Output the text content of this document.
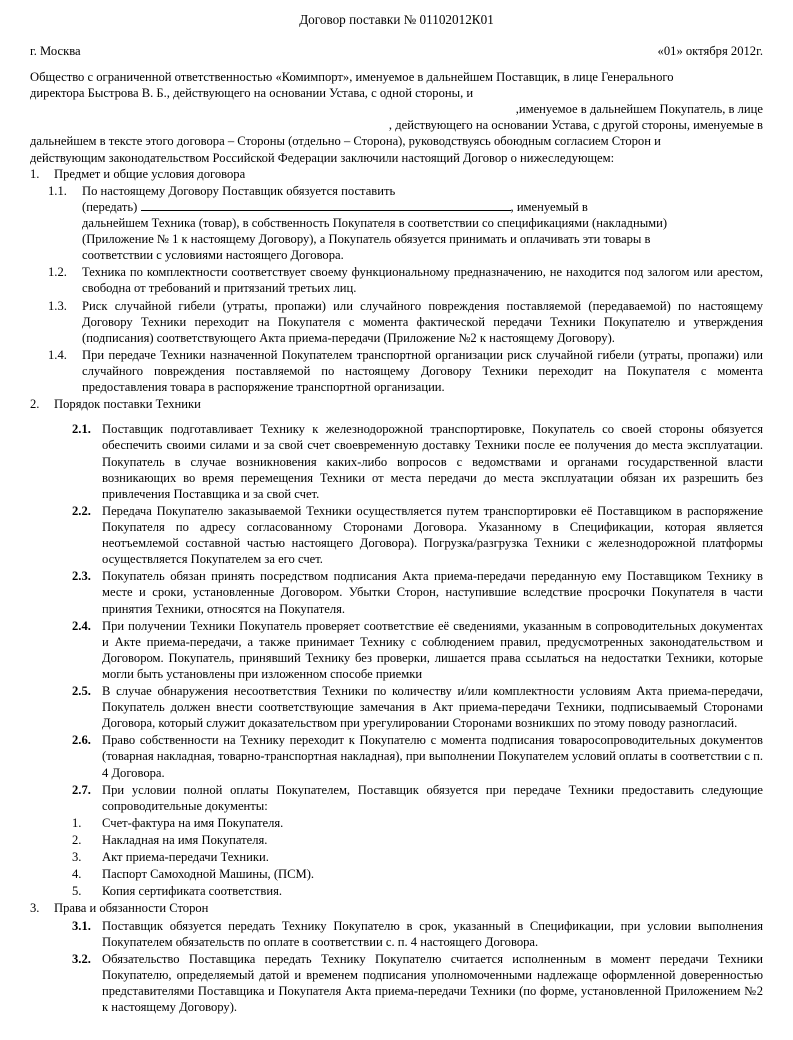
Договор поставки № 01102012К01
г. Москва	«01» октября 2012г.

Общество с ограниченной ответственностью «Комимпорт», именуемое в дальнейшем Поставщик, в лице Генерального

директора Быстрова В. Б., действующего на основании Устава, с одной стороны, и

,именуемое в дальнейшем Покупатель, в лице

, действующего на основании Устава, с другой стороны, именуемые в

дальнейшем в тексте этого договора – Стороны (отдельно – Сторона), руководствуясь обоюдным согласием Сторон и

действующим законодательством Российской Федерации заключили настоящий Договор о нижеследующем:

1.	Предмет и общие условия договора
1.1.	По настоящему Договору Поставщик обязуется поставить
(передать)	, именуемый в
дальнейшем Техника (товар), в собственность Покупателя в соответствии со спецификациями (накладными)
(Приложение № 1 к настоящему Договору), а Покупатель обязуется принимать и оплачивать эти товары в
соответствии с условиями настоящего Договора.
1.2.	Техника по комплектности соответствует своему функциональному предназначению, не находится под залогом или арестом, свободна от требований и притязаний третьих лиц.
1.3.	Риск случайной гибели (утраты, пропажи) или случайного повреждения поставляемой (передаваемой) по настоящему Договору Техники переходит на Покупателя с момента фактической передачи Техники Покупателю и утверждения (подписания) соответствующего Акта приема-передачи (Приложение №2 к настоящему Договору).
1.4.	При передаче Техники назначенной Покупателем транспортной организации риск случайной гибели (утраты, пропажи) или случайного повреждения поставляемой по настоящему Договору Техники переходит на Покупателя с момента предоставления товара в распоряжение транспортной организации.
2.	Порядок поставки Техники
2.1. Поставщик подготавливает Технику к железнодорожной транспортировке, Покупатель со своей стороны обязуется обеспечить своими силами и за свой счет своевременную доставку Техники после ее получения до места эксплуатации. Покупатель в случае возникновения каких-либо вопросов с ведомствами и органами государственной власти возникающих во время перемещения Техники от места передачи до места эксплуатации обязан их разрешить без привлечения Поставщика и за свой счет.
2.2. Передача Покупателю заказываемой Техники осуществляется путем транспортировки её Поставщиком в распоряжение Покупателя по адресу согласованному Сторонами Договора. Указанному в Спецификации, которая является неотъемлемой составной частью настоящего Договора). Погрузка/разгрузка Техники с железнодорожной платформы осуществляется Покупателем за его счет.
2.3. Покупатель обязан принять посредством подписания Акта приема-передачи переданную ему Поставщиком Технику в месте и сроки, установленные Договором. Убытки Сторон, наступившие вследствие просрочки Покупателя в части принятия Техники, относятся на Покупателя.
2.4. При получении Техники Покупатель проверяет соответствие её сведениями, указанным в сопроводительных документах и Акте приема-передачи, а также принимает Технику с соблюдением правил, предусмотренных законодательством и Договором. Покупатель, принявший Технику без проверки, лишается права ссылаться на недостатки Техники, которые могли быть установлены при изложенном способе приемки
2.5. В случае обнаружения несоответствия Техники по количеству и/или комплектности условиям Акта приема-передачи, Покупатель должен внести соответствующие замечания в Акт приема-передачи Техники, подписываемый Сторонами Договора, который служит доказательством при урегулировании Сторонами возникших по этому поводу разногласий.
2.6. Право собственности на Технику переходит к Покупателю с момента подписания товаросопроводительных документов (товарная накладная, товарно-транспортная накладная), при выполнении Покупателем условий оплаты в соответствии с п. 4 Договора.
2.7. При условии полной оплаты Покупателем, Поставщик обязуется при передаче Техники предоставить следующие сопроводительные документы:
1.	Счет-фактура на имя Покупателя.
2.	Накладная на имя Покупателя.
3.	Акт приема-передачи Техники.
4.	Паспорт Самоходной Машины, (ПСМ).
5.	Копия сертификата соответствия.
3.	Права и обязанности Сторон
3.1. Поставщик обязуется передать Технику Покупателю в срок, указанный в Спецификации, при условии выполнения Покупателем обязательств по оплате в соответствии с. п. 4 настоящего Договора.
3.2. Обязательство Поставщика передать Технику Покупателю считается исполненным в момент передачи Техники Покупателю, определяемый датой и временем подписания уполномоченными надлежаще оформленной доверенностью представителями Поставщика и Покупателя Акта приема-передачи Техники (по форме, установленной Приложением №2 к настоящему Договору).
